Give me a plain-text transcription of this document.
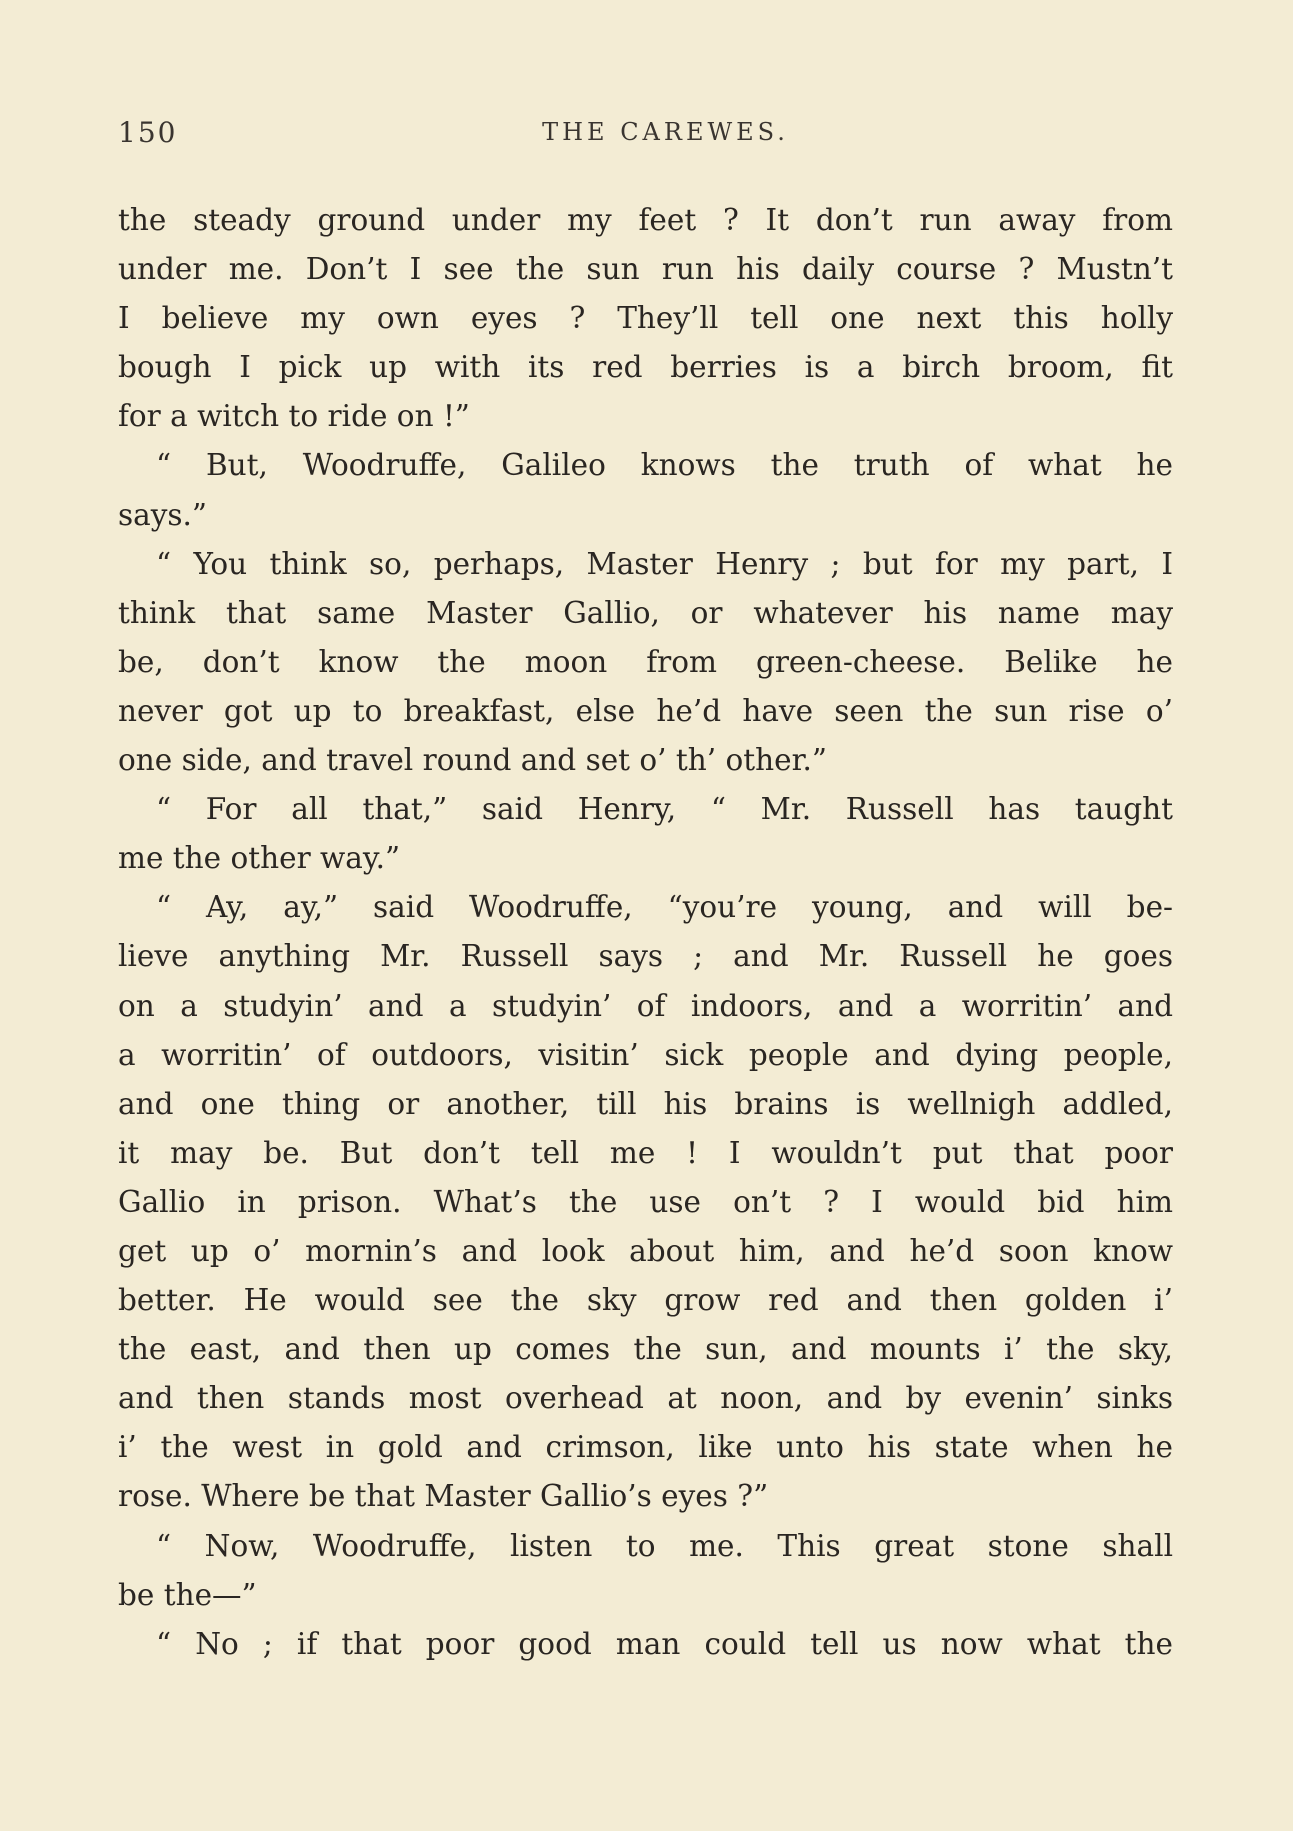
150	THE CAREWES.
the steady ground under my feet ? It don’t run away from
under me. Don’t I see the sun run his daily course ? Mustn’t
I believe my own eyes ? They’ll tell one next this holly
bough I pick up with its red berries is a birch broom, fit
for a witch to ride on !”
“ But, Woodruffe, Galileo knows the truth of what he
says.”
“ You think so, perhaps, Master Henry ; but for my part, I
think that same Master Gallio, or whatever his name may
be, don’t know the moon from green-cheese. Belike he
never got up to breakfast, else he’d have seen the sun rise o’
one side, and travel round and set o’ th’ other.”
“ For all that,” said Henry, “ Mr. Russell has taught
me the other way.”
“ Ay, ay,” said Woodruffe, “you’re young, and will be-
lieve anything Mr. Russell says ; and Mr. Russell he goes
on a studyin’ and a studyin’ of indoors, and a worritin’ and
a worritin’ of outdoors, visitin’ sick people and dying people,
and one thing or another, till his brains is wellnigh addled,
it may be. But don’t tell me ! I wouldn’t put that poor
Gallio in prison. What’s the use on’t ? I would bid him
get up o’ mornin’s and look about him, and he’d soon know
better. He would see the sky grow red and then golden i’
the east, and then up comes the sun, and mounts i’ the sky,
and then stands most overhead at noon, and by evenin’ sinks
i’ the west in gold and crimson, like unto his state when he
rose. Where be that Master Gallio’s eyes ?”
“ Now, Woodruffe, listen to me. This great stone shall
be the—”
“ No ; if that poor good man could tell us now what the
